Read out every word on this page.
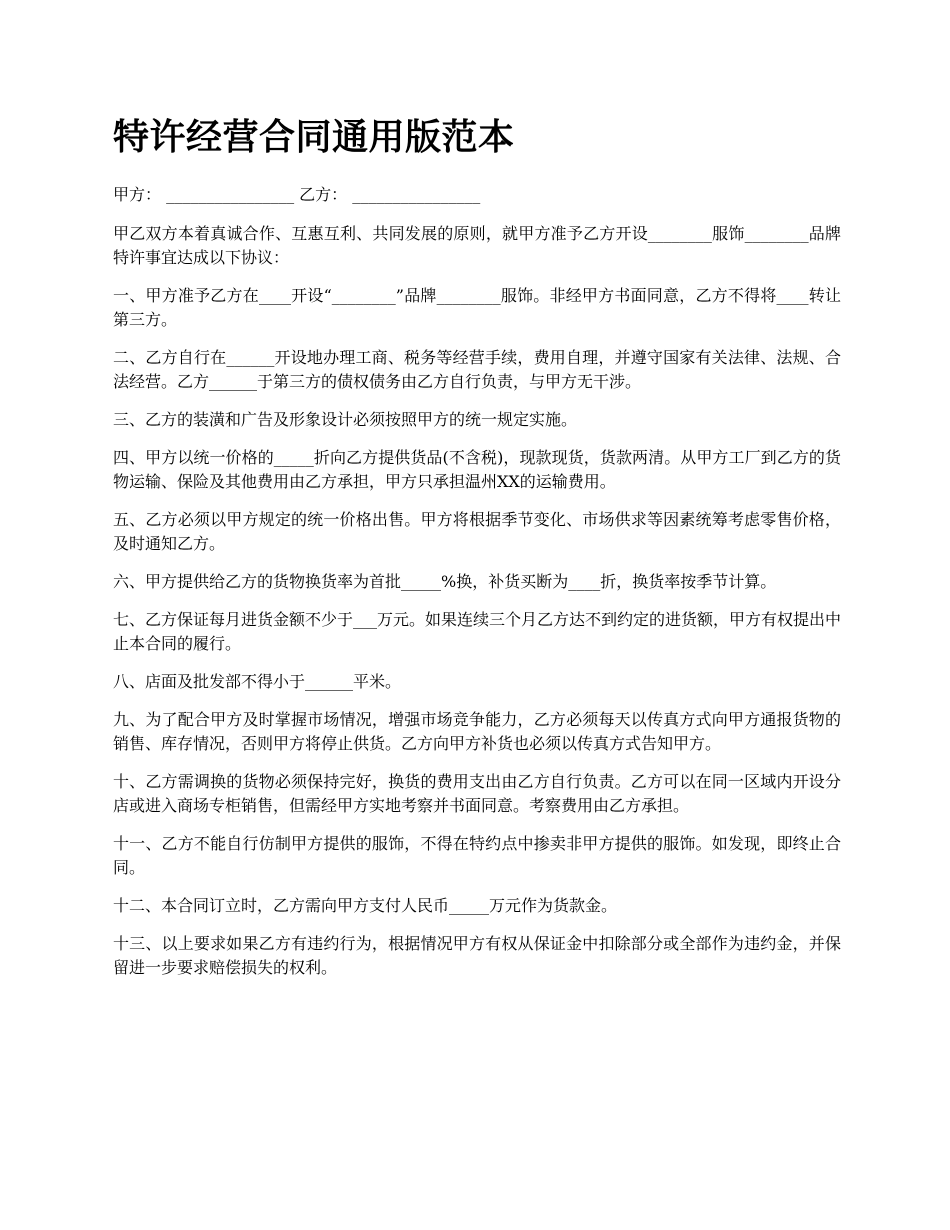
特许经营合同通用版范本

甲方： ________________ 乙方： ________________

甲乙双方本着真诚合作、互惠互利、共同发展的原则，就甲方准予乙方开设________服饰________品牌特许事宜达成以下协议：

一、甲方准予乙方在____开设“________”品牌________服饰。非经甲方书面同意，乙方不得将____转让第三方。

二、乙方自行在______开设地办理工商、税务等经营手续，费用自理，并遵守国家有关法律、法规、合法经营。乙方______于第三方的债权债务由乙方自行负责，与甲方无干涉。

三、乙方的装潢和广告及形象设计必须按照甲方的统一规定实施。

四、甲方以统一价格的_____折向乙方提供货品(不含税)，现款现货，货款两清。从甲方工厂到乙方的货物运输、保险及其他费用由乙方承担，甲方只承担温州XX的运输费用。

五、乙方必须以甲方规定的统一价格出售。甲方将根据季节变化、市场供求等因素统筹考虑零售价格，及时通知乙方。

六、甲方提供给乙方的货物换货率为首批_____%换，补货买断为____折，换货率按季节计算。

七、乙方保证每月进货金额不少于___万元。如果连续三个月乙方达不到约定的进货额，甲方有权提出中止本合同的履行。

八、店面及批发部不得小于______平米。

九、为了配合甲方及时掌握市场情况，增强市场竞争能力，乙方必须每天以传真方式向甲方通报货物的销售、库存情况，否则甲方将停止供货。乙方向甲方补货也必须以传真方式告知甲方。

十、乙方需调换的货物必须保持完好，换货的费用支出由乙方自行负责。乙方可以在同一区域内开设分店或进入商场专柜销售，但需经甲方实地考察并书面同意。考察费用由乙方承担。

十一、乙方不能自行仿制甲方提供的服饰，不得在特约点中掺卖非甲方提供的服饰。如发现，即终止合同。

十二、本合同订立时，乙方需向甲方支付人民币_____万元作为货款金。

十三、以上要求如果乙方有违约行为，根据情况甲方有权从保证金中扣除部分或全部作为违约金，并保留进一步要求赔偿损失的权利。
